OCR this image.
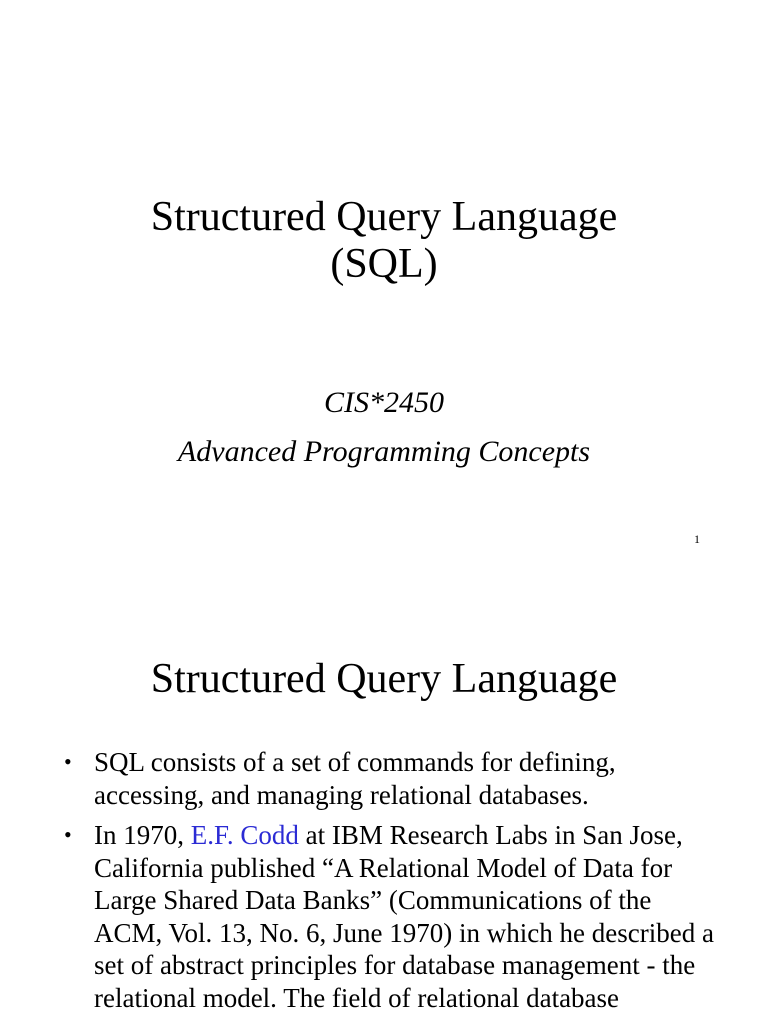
Structured Query Language
(SQL)
CIS*2450
Advanced Programming Concepts
1
Structured Query Language
• SQL consists of a set of commands for defining, accessing, and managing relational databases.
• In 1970, E.F. Codd at IBM Research Labs in San Jose, California published “A Relational Model of Data for Large Shared Data Banks” (Communications of the ACM, Vol. 13, No. 6, June 1970) in which he described a set of abstract principles for database management - the relational model. The field of relational database
